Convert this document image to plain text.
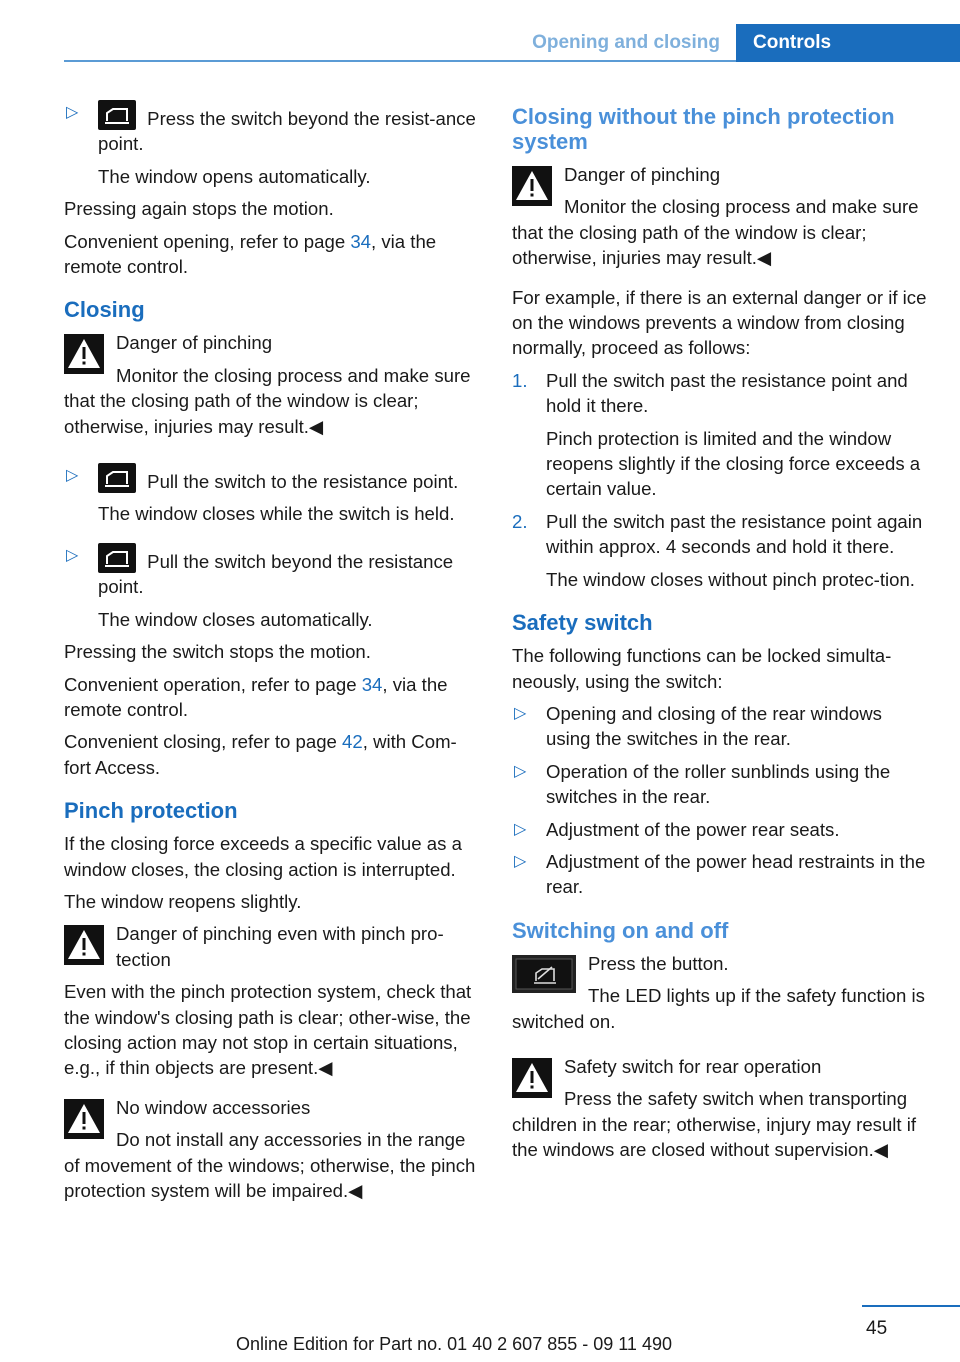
Opening and closing	Controls
▷	Press the switch beyond the resist-ance point.
The window opens automatically.

Pressing again stops the motion.

Convenient opening, refer to page 34, via the remote control.

Closing
Danger of pinching
Monitor the closing process and make sure that the closing path of the window is clear; otherwise, injuries may result.◀
▷	Pull the switch to the resistance point.
The window closes while the switch is held.
▷	Pull the switch beyond the resistance point.
The window closes automatically.

Pressing the switch stops the motion.

Convenient operation, refer to page 34, via the remote control.

Convenient closing, refer to page 42, with Com-fort Access.

Pinch protection

If the closing force exceeds a specific value as a window closes, the closing action is interrupted.

The window reopens slightly.

Danger of pinching even with pinch pro-tection
Even with the pinch protection system, check that the window's closing path is clear; other-wise, the closing action may not stop in certain situations, e.g., if thin objects are present.◀
No window accessories
Do not install any accessories in the range of movement of the windows; otherwise, the pinch protection system will be impaired.◀
Closing without the pinch protection system
Danger of pinching
Monitor the closing process and make sure that the closing path of the window is clear; otherwise, injuries may result.◀

For example, if there is an external danger or if ice on the windows prevents a window from closing normally, proceed as follows:

1. Pull the switch past the resistance point and hold it there.
Pinch protection is limited and the window reopens slightly if the closing force exceeds a certain value.
2. Pull the switch past the resistance point again within approx. 4 seconds and hold it there.
The window closes without pinch protec-tion.
Safety switch

The following functions can be locked simulta-neously, using the switch:

▷ Opening and closing of the rear windows using the switches in the rear.
▷ Operation of the roller sunblinds using the switches in the rear.
▷ Adjustment of the power rear seats.
▷ Adjustment of the power head restraints in the rear.
Switching on and off
Press the button.
The LED lights up if the safety function is switched on.
Safety switch for rear operation
Press the safety switch when transporting children in the rear; otherwise, injury may result if the windows are closed without supervision.◀
45
Online Edition for Part no. 01 40 2 607 855 - 09 11 490
